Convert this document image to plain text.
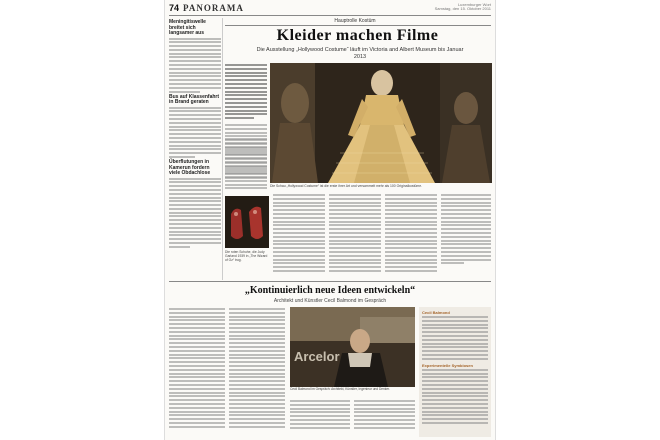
74 PANORAMA	Luxemburger Wort
Samstag, den 15. Oktober 2011
Meningitiswelle breitet sich langsamer aus
Bus auf Klassenfahrt in Brand geraten
Überflutungen in Kamerun fordern viele Obdachlose
Hauptrolle Kostüm
Kleider machen Filme
Die Ausstellung „Hollywood Costume“ läuft im Victoria and Albert Museum bis Januar 2013
Die Schau „Hollywood Costume“ ist die erste ihrer Art und versammelt mehr als 100 Originalkostüme.
Die roten Schuhe, die Judy Garland 1939 in „The Wizard of Oz“ trug.
„Kontinuierlich neue Ideen entwickeln“
Architekt und Künstler Cecil Balmond im Gespräch
Arcelor
Cecil Balmond im Gespräch: Architekt, Künstler, Ingenieur und Denker.
Cecil Balmond
Experimentelle Symbiosen
